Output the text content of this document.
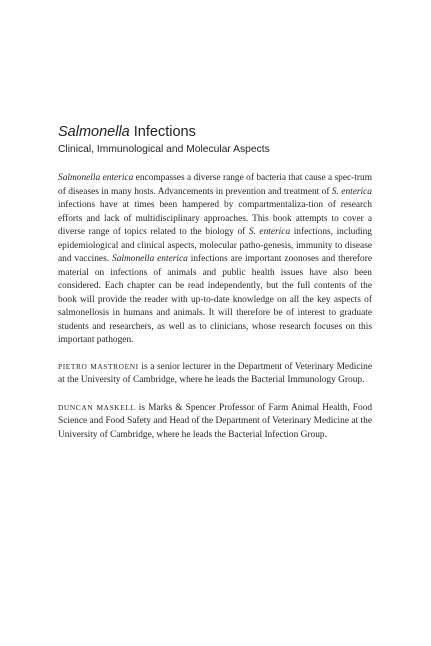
Salmonella Infections
Clinical, Immunological and Molecular Aspects

Salmonella enterica encompasses a diverse range of bacteria that cause a spec-trum of diseases in many hosts. Advancements in prevention and treatment of S. enterica infections have at times been hampered by compartmentaliza-tion of research efforts and lack of multidisciplinary approaches. This book attempts to cover a diverse range of topics related to the biology of S. enterica infections, including epidemiological and clinical aspects, molecular patho-genesis, immunity to disease and vaccines. Salmonella enterica infections are important zoonoses and therefore material on infections of animals and public health issues have also been considered. Each chapter can be read independently, but the full contents of the book will provide the reader with up-to-date knowledge on all the key aspects of salmonellosis in humans and animals. It will therefore be of interest to graduate students and researchers, as well as to clinicians, whose research focuses on this important pathogen.

PIETRO MASTROENI is a senior lecturer in the Department of Veterinary Medicine at the University of Cambridge, where he leads the Bacterial Immunology Group.

DUNCAN MASKELL is Marks & Spencer Professor of Farm Animal Health, Food Science and Food Safety and Head of the Department of Veterinary Medicine at the University of Cambridge, where he leads the Bacterial Infection Group.
